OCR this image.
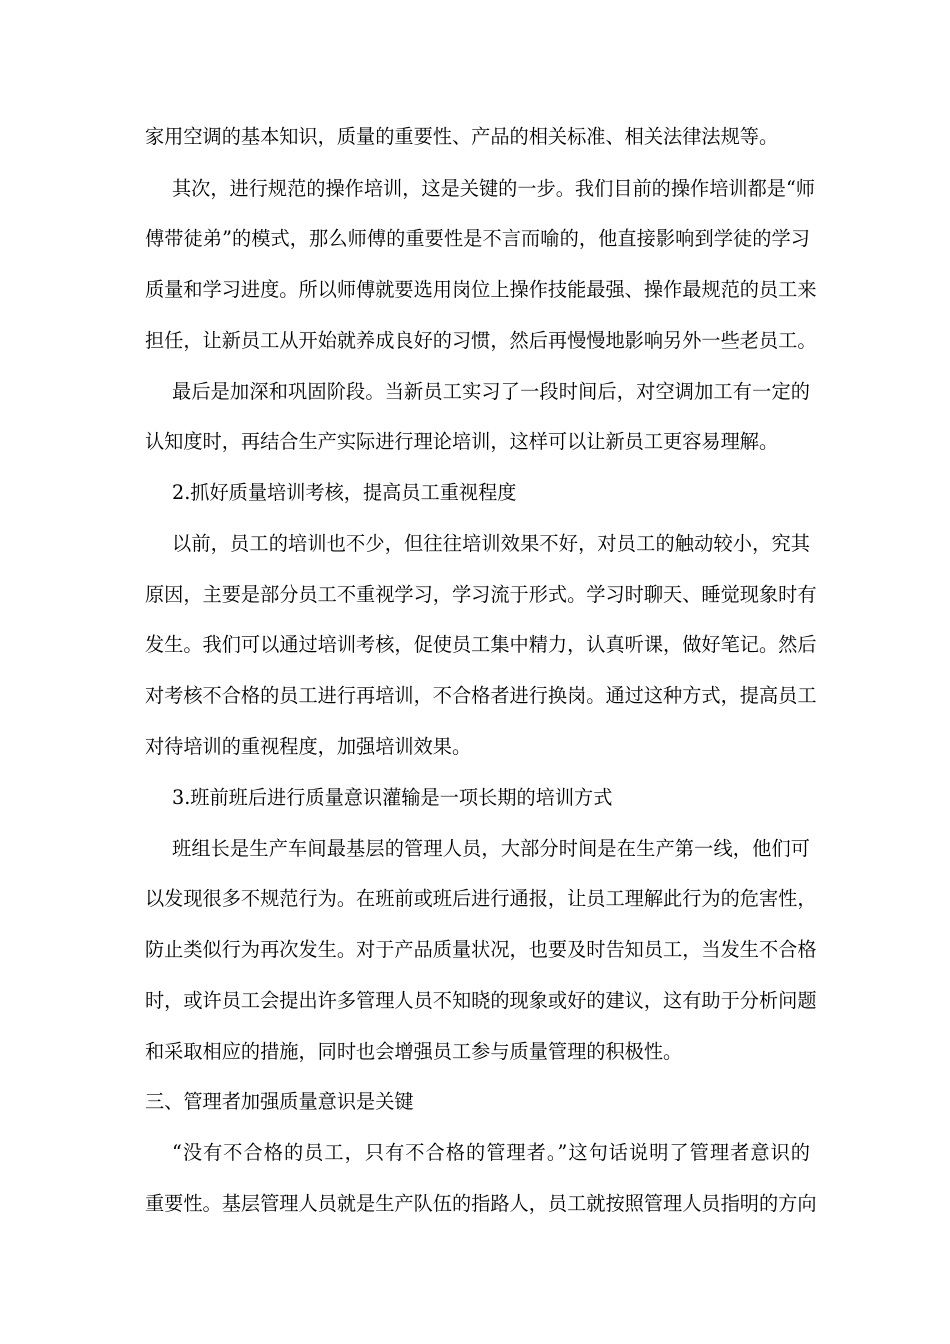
家用空调的基本知识，质量的重要性、产品的相关标准、相关法律法规等。
其次，进行规范的操作培训，这是关键的一步。我们目前的操作培训都是“师
傅带徒弟”的模式，那么师傅的重要性是不言而喻的，他直接影响到学徒的学习
质量和学习进度。所以师傅就要选用岗位上操作技能最强、操作最规范的员工来
担任，让新员工从开始就养成良好的习惯，然后再慢慢地影响另外一些老员工。
最后是加深和巩固阶段。当新员工实习了一段时间后，对空调加工有一定的
认知度时，再结合生产实际进行理论培训，这样可以让新员工更容易理解。
2.抓好质量培训考核，提高员工重视程度
以前，员工的培训也不少，但往往培训效果不好，对员工的触动较小，究其
原因，主要是部分员工不重视学习，学习流于形式。学习时聊天、睡觉现象时有
发生。我们可以通过培训考核，促使员工集中精力，认真听课，做好笔记。然后
对考核不合格的员工进行再培训，不合格者进行换岗。通过这种方式，提高员工
对待培训的重视程度，加强培训效果。
3.班前班后进行质量意识灌输是一项长期的培训方式
班组长是生产车间最基层的管理人员，大部分时间是在生产第一线，他们可
以发现很多不规范行为。在班前或班后进行通报，让员工理解此行为的危害性，
防止类似行为再次发生。对于产品质量状况，也要及时告知员工，当发生不合格
时，或许员工会提出许多管理人员不知晓的现象或好的建议，这有助于分析问题
和采取相应的措施，同时也会增强员工参与质量管理的积极性。
三、管理者加强质量意识是关键
“没有不合格的员工，只有不合格的管理者。”这句话说明了管理者意识的
重要性。基层管理人员就是生产队伍的指路人，员工就按照管理人员指明的方向
